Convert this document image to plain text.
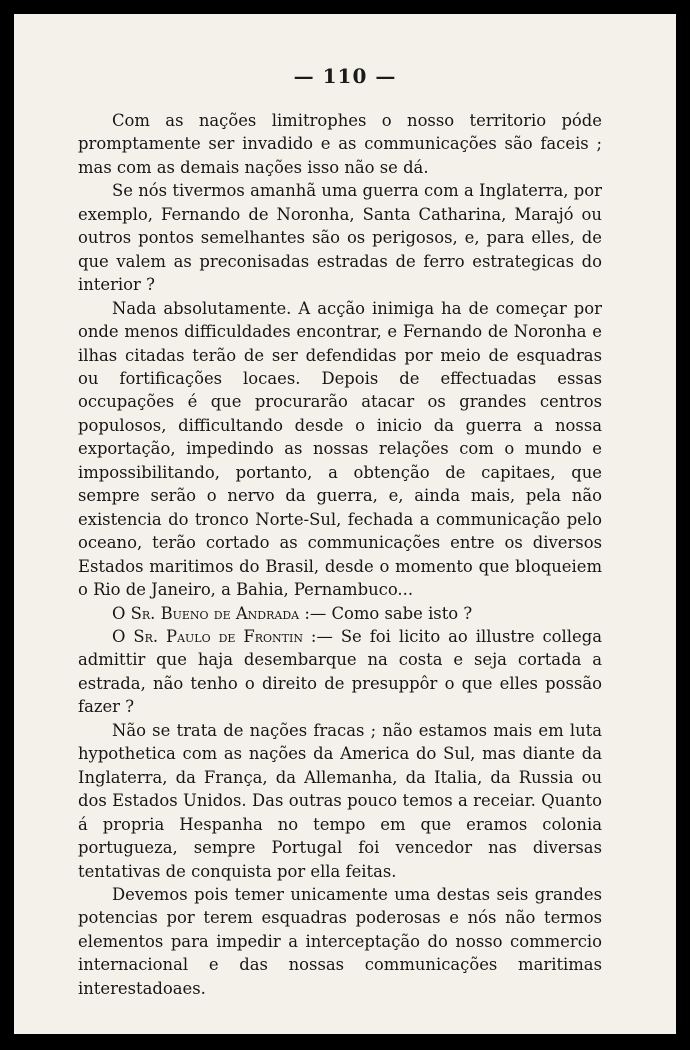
— 110 —

Com as nações limitrophes o nosso territorio póde promptamente ser invadido e as communicações são faceis ; mas com as demais nações isso não se dá.

Se nós tivermos amanhã uma guerra com a Inglaterra, por exemplo, Fernando de Noronha, Santa Catharina, Marajó ou outros pontos semelhantes são os perigosos, e, para elles, de que valem as preconisadas estradas de ferro estrategicas do interior ?

Nada absolutamente. A acção inimiga ha de começar por onde menos difficuldades encontrar, e Fernando de Noronha e ilhas citadas terão de ser defendidas por meio de esquadras ou fortificações locaes. Depois de effectuadas essas occupações é que procurarão atacar os grandes centros populosos, difficultando desde o inicio da guerra a nossa exportação, impedindo as nossas relações com o mundo e impossibilitando, portanto, a obtenção de capitaes, que sempre serão o nervo da guerra, e, ainda mais, pela não existencia do tronco Norte-Sul, fechada a communicação pelo oceano, terão cortado as communicações entre os diversos Estados maritimos do Brasil, desde o momento que bloqueiem o Rio de Janeiro, a Bahia, Pernambuco...

O Sr. Bueno de Andrada :— Como sabe isto ?

O Sr. Paulo de Frontin :— Se foi licito ao illustre collega admittir que haja desembarque na costa e seja cortada a estrada, não tenho o direito de presuppôr o que elles possão fazer ?

Não se trata de nações fracas ; não estamos mais em luta hypothetica com as nações da America do Sul, mas diante da Inglaterra, da França, da Allemanha, da Italia, da Russia ou dos Estados Unidos. Das outras pouco temos a receiar. Quanto á propria Hespanha no tempo em que eramos colonia portugueza, sempre Portugal foi vencedor nas diversas tentativas de conquista por ella feitas.

Devemos pois temer unicamente uma destas seis grandes potencias por terem esquadras poderosas e nós não termos elementos para impedir a interceptação do nosso commercio internacional e das nossas communicações maritimas interestadoaes.
